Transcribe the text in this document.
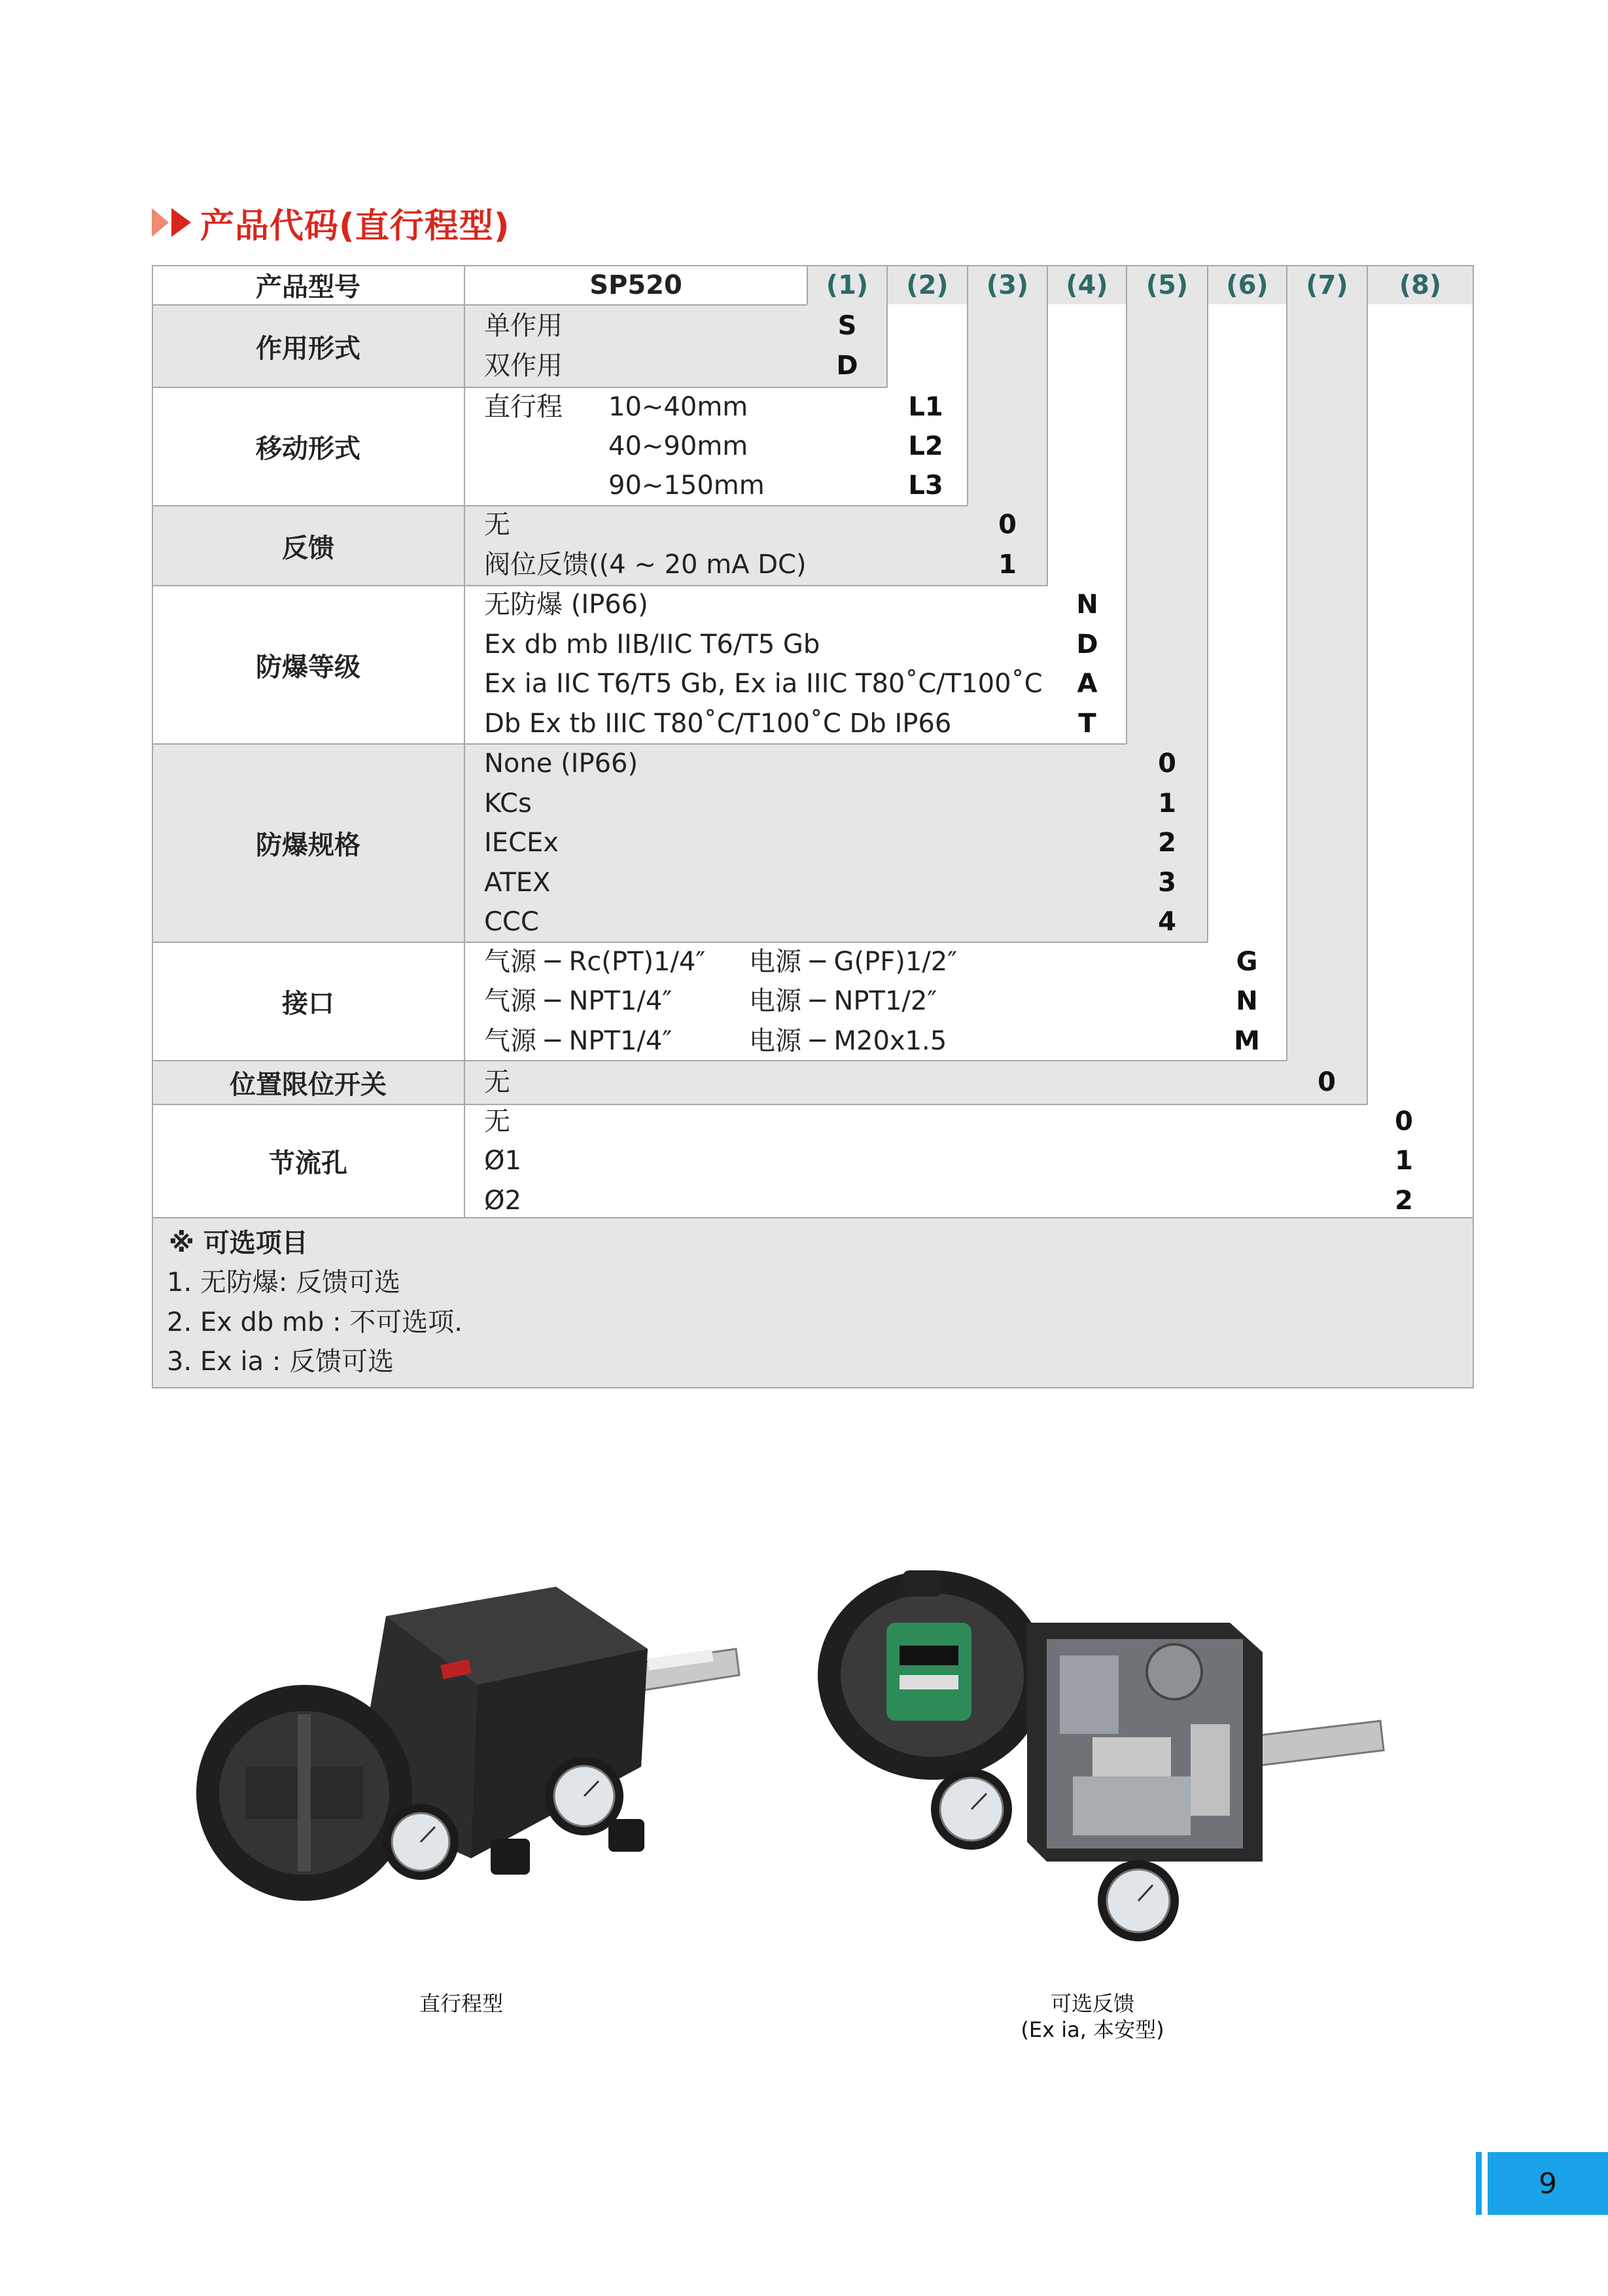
产品代码(直行程型)
产品型号	SP520	(1)	(2)	(3)	(4)	(5)	(6)	(7)	(8)
作用形式
单作用	S
双作用	D
移动形式
直行程 10~40mm	L1
40~90mm	L2
90~150mm	L3
反馈
无	0
阀位反馈((4 ~ 20 mA DC)	1
防爆等级
无防爆 (IP66)	N
Ex db mb IIB/IIC T6/T5 Gb	D
Ex ia IIC T6/T5 Gb, Ex ia IIIC T80˚C/T100˚C	A
Db Ex tb IIIC T80˚C/T100˚C Db IP66	T
防爆规格
None (IP66)	0
KCs	1
IECEx	2
ATEX	3
CCC	4
接口
气源 ─ Rc(PT)1/4″ 电源 ─ G(PF)1/2″	G
气源 ─ NPT1/4″	电源 ─ NPT1/2″	N
气源 ─ NPT1/4″	电源 ─ M20x1.5	M
位置限位开关	无	0
节流孔
无	0
Ø1	1
Ø2	2
※ 可选项目
1. 无防爆: 反馈可选
2. Ex db mb : 不可选项.
3. Ex ia : 反馈可选
直行程型	可选反馈
(Ex ia, 本安型)
9
